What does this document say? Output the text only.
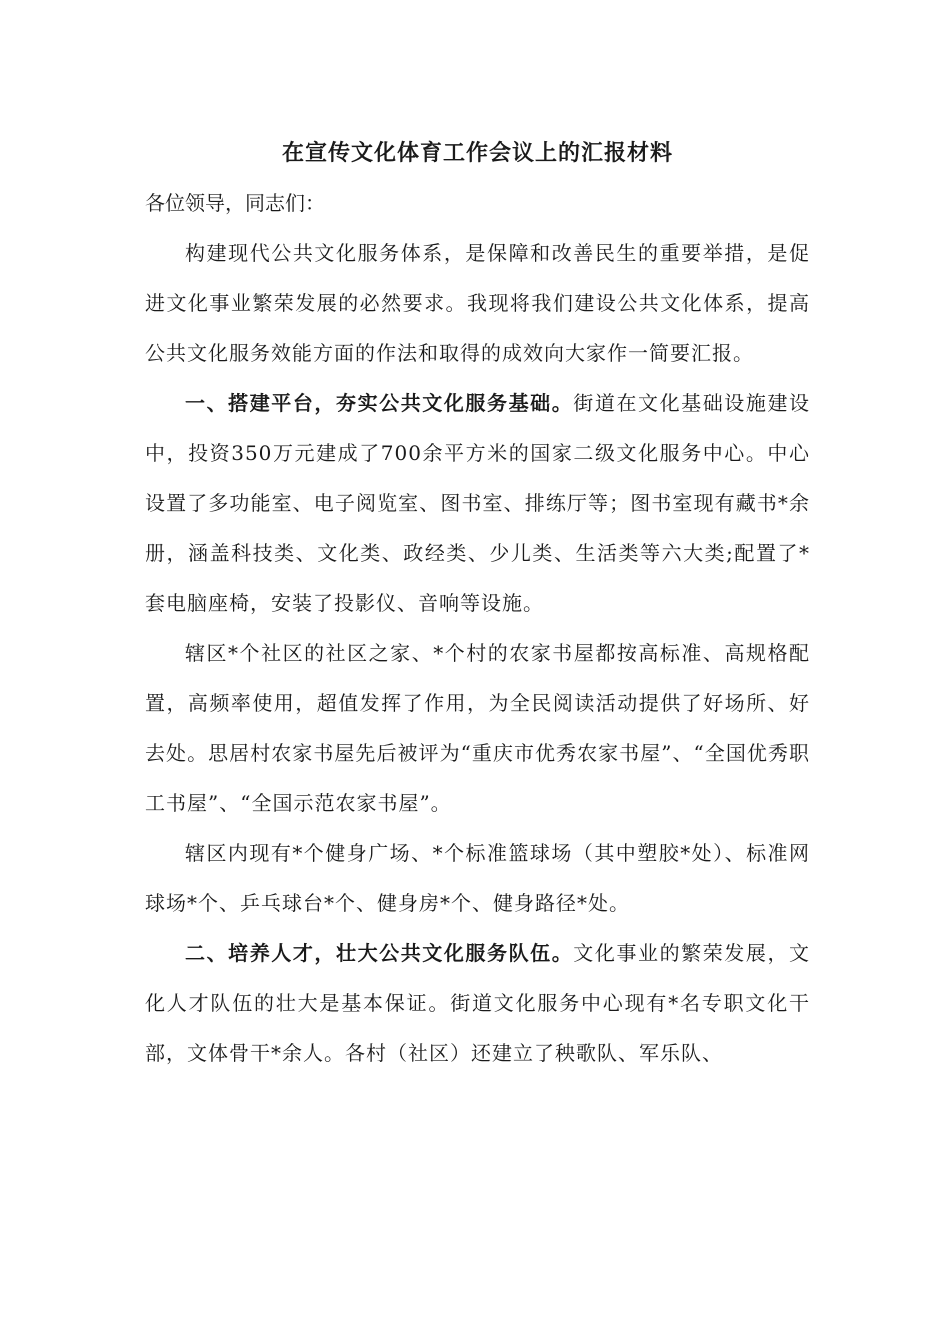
在宣传文化体育工作会议上的汇报材料

各位领导，同志们：

构建现代公共文化服务体系，是保障和改善民生的重要举措，是促进文化事业繁荣发展的必然要求。我现将我们建设公共文化体系，提高公共文化服务效能方面的作法和取得的成效向大家作一简要汇报。

一、搭建平台，夯实公共文化服务基础。街道在文化基础设施建设中，投资350万元建成了700余平方米的国家二级文化服务中心。中心设置了多功能室、电子阅览室、图书室、排练厅等；图书室现有藏书*余册，涵盖科技类、文化类、政经类、少儿类、生活类等六大类;配置了*套电脑座椅，安装了投影仪、音响等设施。

辖区*个社区的社区之家、*个村的农家书屋都按高标准、高规格配置，高频率使用，超值发挥了作用，为全民阅读活动提供了好场所、好去处。思居村农家书屋先后被评为“重庆市优秀农家书屋”、“全国优秀职工书屋”、“全国示范农家书屋”。

辖区内现有*个健身广场、*个标准篮球场（其中塑胶*处）、标准网球场*个、乒乓球台*个、健身房*个、健身路径*处。

二、培养人才，壮大公共文化服务队伍。文化事业的繁荣发展，文化人才队伍的壮大是基本保证。街道文化服务中心现有*名专职文化干部，文体骨干*余人。各村（社区）还建立了秧歌队、军乐队、
